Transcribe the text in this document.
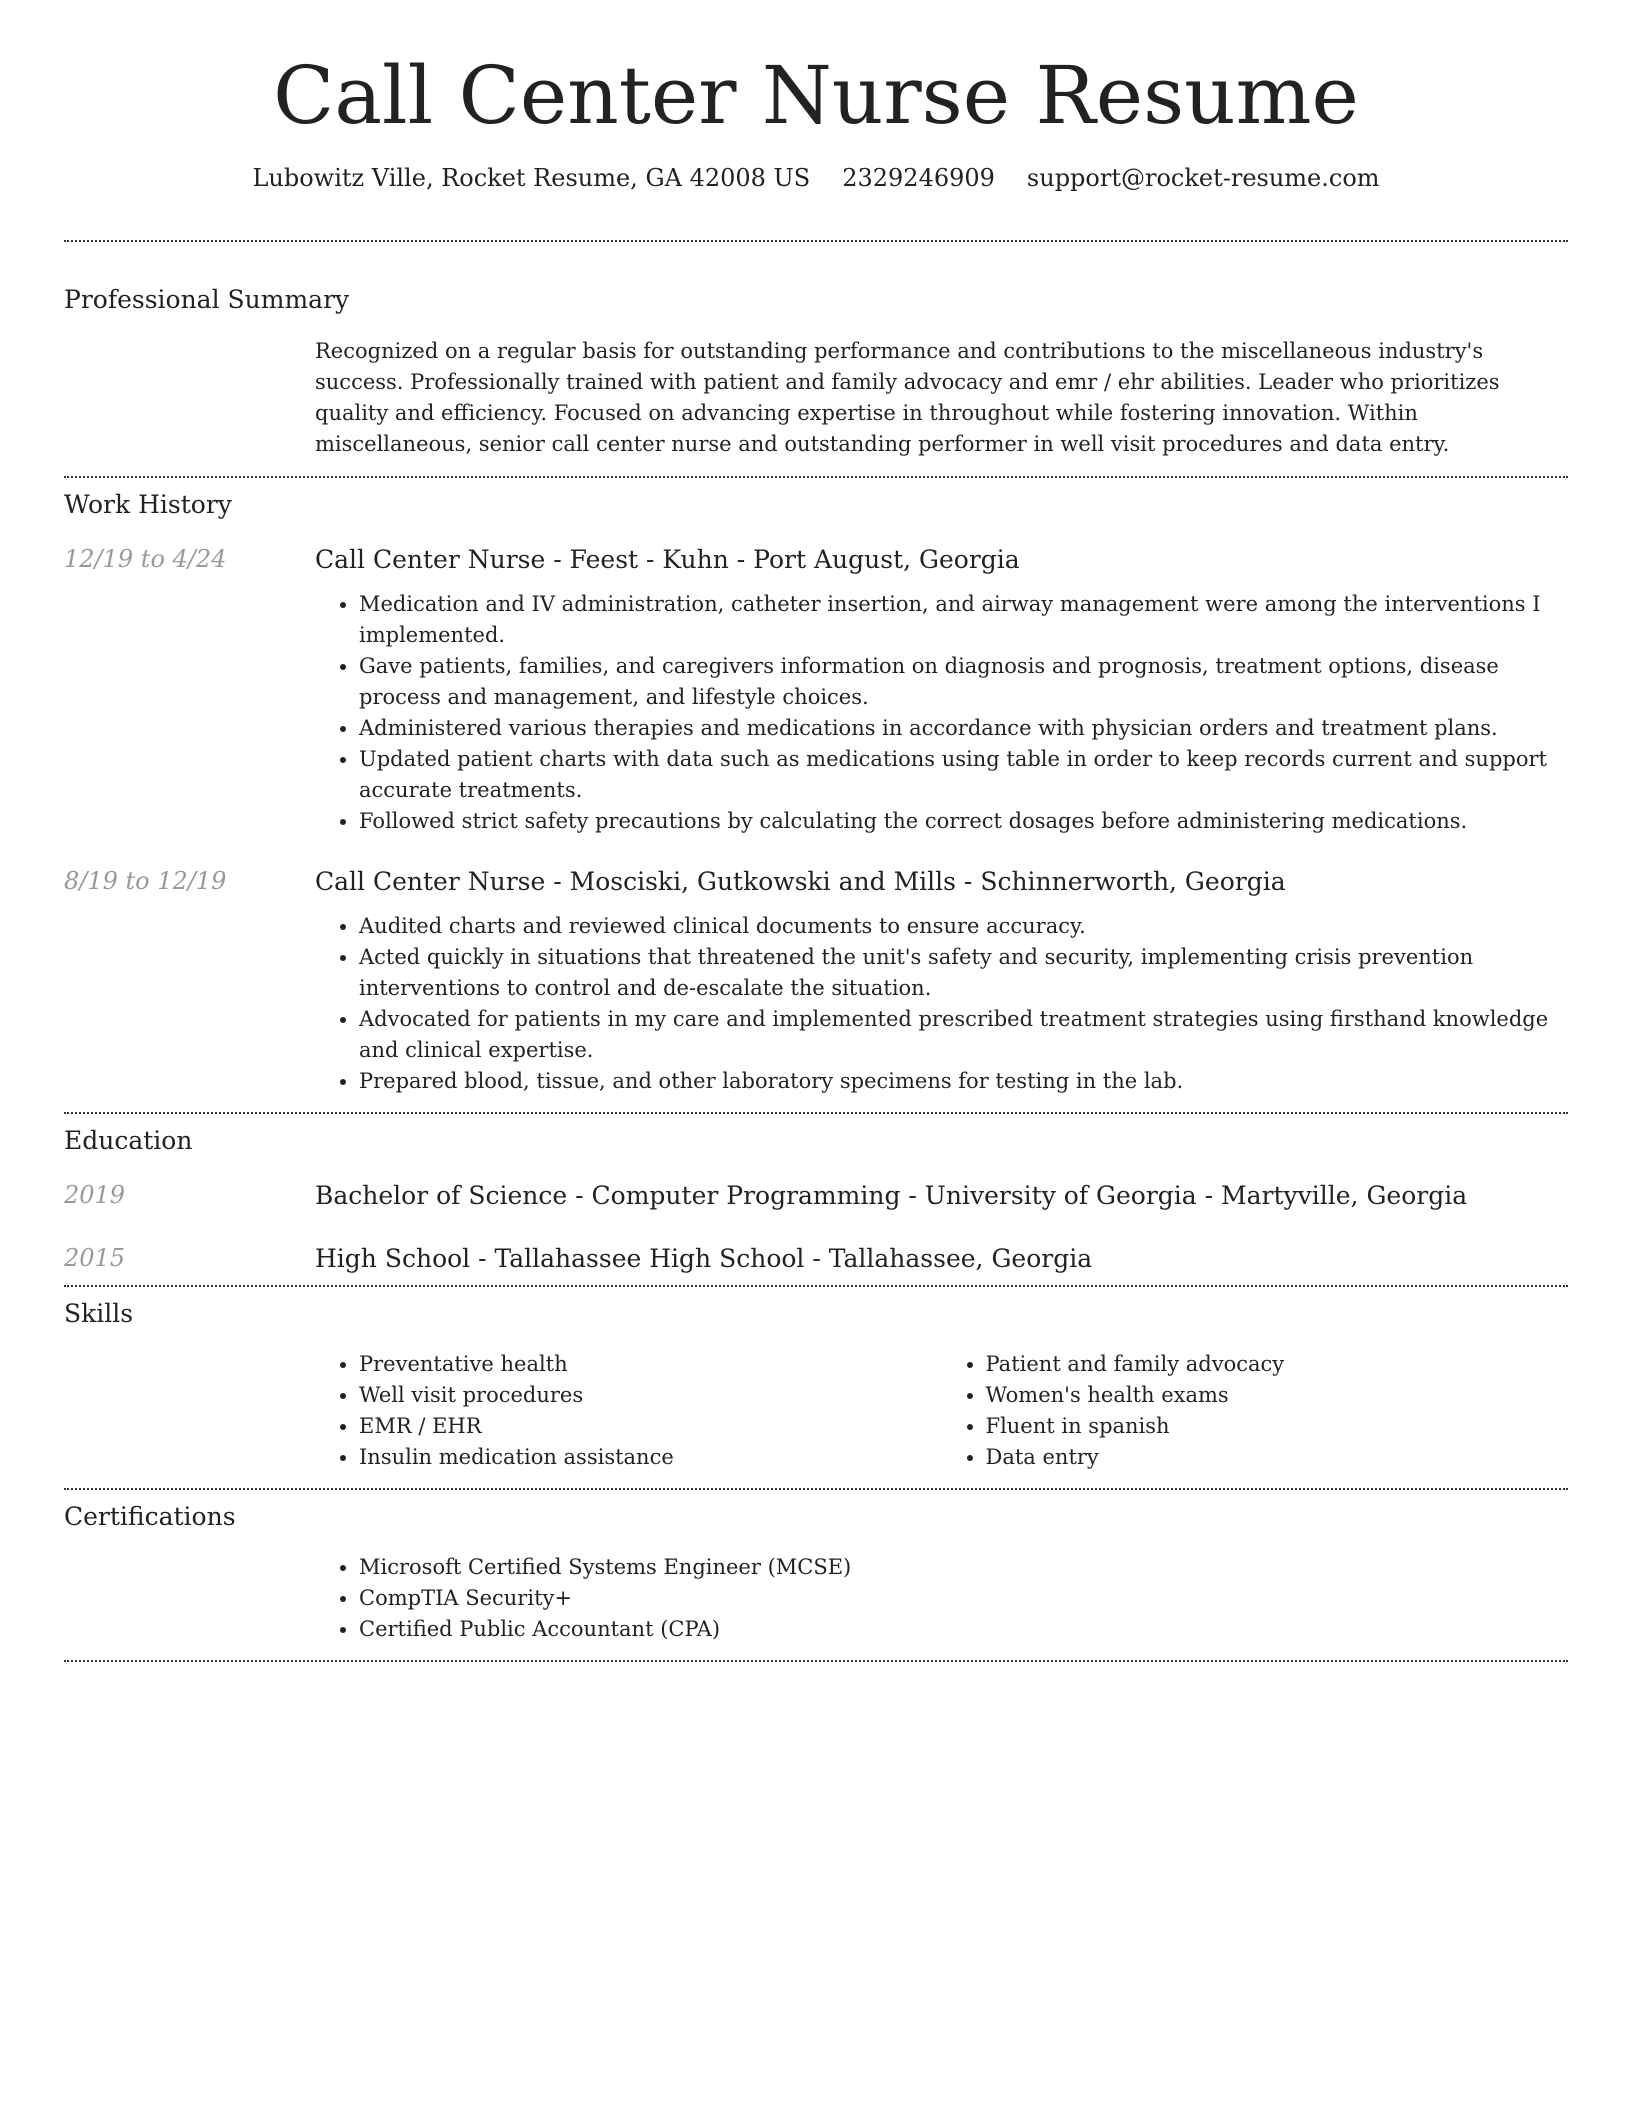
Call Center Nurse Resume
Lubowitz Ville, Rocket Resume, GA 42008 US 2329246909 support@rocket-resume.com
Professional Summary
Recognized on a regular basis for outstanding performance and contributions to the miscellaneous industry's success. Professionally trained with patient and family advocacy and emr / ehr abilities. Leader who prioritizes quality and efficiency. Focused on advancing expertise in throughout while fostering innovation. Within miscellaneous, senior call center nurse and outstanding performer in well visit procedures and data entry.
Work History
12/19 to 4/24	Call Center Nurse - Feest - Kuhn - Port August, Georgia
• Medication and IV administration, catheter insertion, and airway management were among the interventions I implemented.
• Gave patients, families, and caregivers information on diagnosis and prognosis, treatment options, disease process and management, and lifestyle choices.
• Administered various therapies and medications in accordance with physician orders and treatment plans.
• Updated patient charts with data such as medications using table in order to keep records current and support accurate treatments.
• Followed strict safety precautions by calculating the correct dosages before administering medications.
8/19 to 12/19	Call Center Nurse - Mosciski, Gutkowski and Mills - Schinnerworth, Georgia
• Audited charts and reviewed clinical documents to ensure accuracy.
• Acted quickly in situations that threatened the unit's safety and security, implementing crisis prevention interventions to control and de-escalate the situation.
• Advocated for patients in my care and implemented prescribed treatment strategies using firsthand knowledge and clinical expertise.
• Prepared blood, tissue, and other laboratory specimens for testing in the lab.
Education
2019	Bachelor of Science - Computer Programming - University of Georgia - Martyville, Georgia
2015	High School - Tallahassee High School - Tallahassee, Georgia
Skills
• Preventative health
• Well visit procedures
• EMR / EHR
• Insulin medication assistance
• Patient and family advocacy
• Women's health exams
• Fluent in spanish
• Data entry
Certifications
• Microsoft Certified Systems Engineer (MCSE)
• CompTIA Security+
• Certified Public Accountant (CPA)
